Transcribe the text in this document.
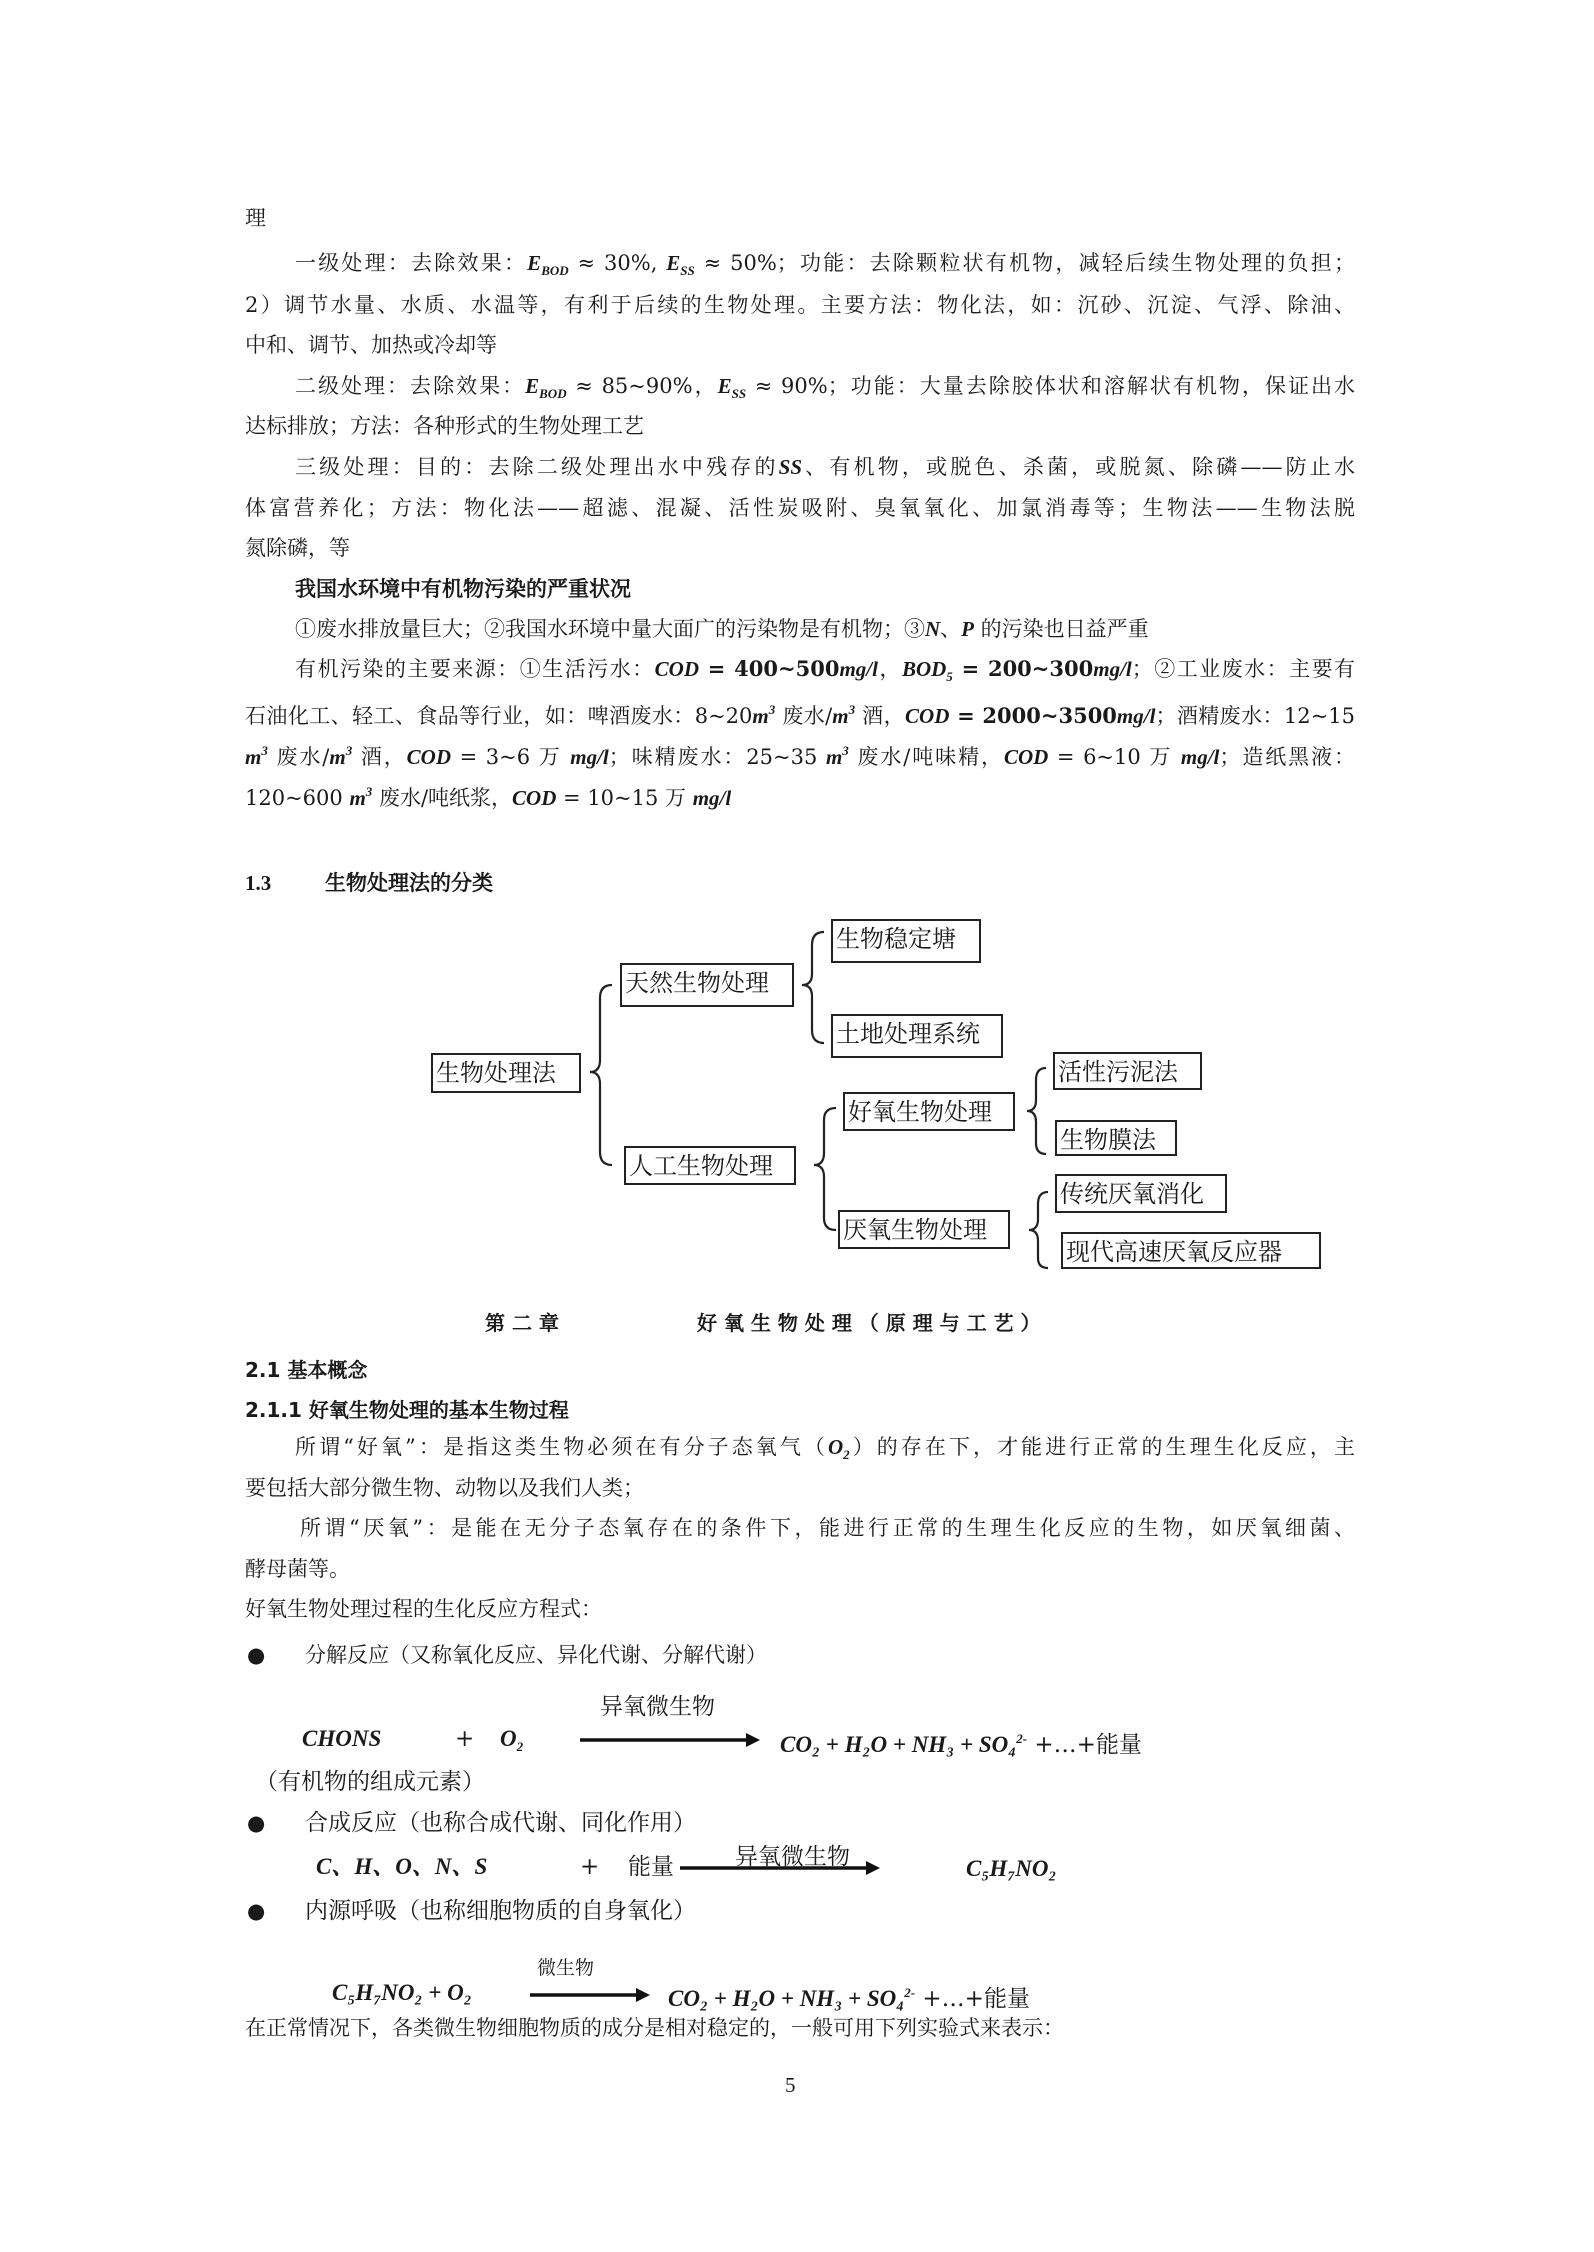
理
一级处理：去除效果：$E_{BOD} \approx 30\%$, $E_{SS} \approx 50\%$；功能：去除颗粒状有机物，减轻后续生物处理的负担；
2）调节水量、水质、水温等，有利于后续的生物处理。主要方法：物化法，如：沉砂、沉淀、气浮、除油、
中和、调节、加热或冷却等
二级处理：去除效果：$E_{BOD}$ ≈ 85~90%，$E_{SS} \approx 90\%$；功能：大量去除胶体状和溶解状有机物，保证出水
达标排放；方法：各种形式的生物处理工艺
三级处理：目的：去除二级处理出水中残存的SS、有机物，或脱色、杀菌，或脱氮、除磷——防止水
体富营养化；方法：物化法——超滤、混凝、活性炭吸附、臭氧氧化、加氯消毒等；生物法——生物法脱
氮除磷，等
我国水环境中有机物污染的严重状况
①废水排放量巨大；②我国水环境中量大面广的污染物是有机物；③N、P 的污染也日益严重
有机污染的主要来源：①生活污水：COD = 400~500mg/l，$BOD_5$ = 200~300mg/l；②工业废水：主要有
石油化工、轻工、食品等行业，如：啤酒废水：$8\sim 20m^3$ 废水$/m^3$ 酒，COD = 2000~3500mg/l；酒精废水：12~15
$m^3$ 废水$/m^3$ 酒，COD = 3~6 万 mg/l；味精废水：25~35 $m^3$ 废水/吨味精，COD = 6~10 万 mg/l；造纸黑液：
120~600 $m^3$ 废水/吨纸浆，COD = 10~15 万 mg/l
1.3	生物处理法的分类
生物处理法
天然生物处理
生物稳定塘
土地处理系统
人工生物处理
好氧生物处理
活性污泥法
生物膜法
厌氧生物处理
传统厌氧消化
现代高速厌氧反应器
第 二 章	好 氧 生 物 处 理 （ 原 理 与 工 艺 ）
2.1 基本概念
2.1.1 好氧生物处理的基本生物过程
所谓“好氧”：是指这类生物必须在有分子态氧气$(O_2)$的存在下，才能进行正常的生理生化反应，主
要包括大部分微生物、动物以及我们人类；
所谓“厌氧”：是能在无分子态氧存在的条件下，能进行正常的生理生化反应的生物，如厌氧细菌、
酵母菌等。
好氧生物处理过程的生化反应方程式：
● 分解反应（又称氧化反应、异化代谢、分解代谢）
异氧微生物
CHONS	+ $O_2$	CO₂ + H₂O + NH₃ + SO₄$^{2-}$ +…+能量
（有机物的组成元素）
● 合成反应（也称合成代谢、同化作用）
C、H、O、N、S	+ 能量	异氧微生物	C₅H₇NO₂
● 内源呼吸（也称细胞物质的自身氧化）
微生物
C₅H₇NO₂ + O₂	CO₂ + H₂O + NH₃ + SO₄$^{2-}$ +…+能量
在正常情况下，各类微生物细胞物质的成分是相对稳定的，一般可用下列实验式来表示：
5
